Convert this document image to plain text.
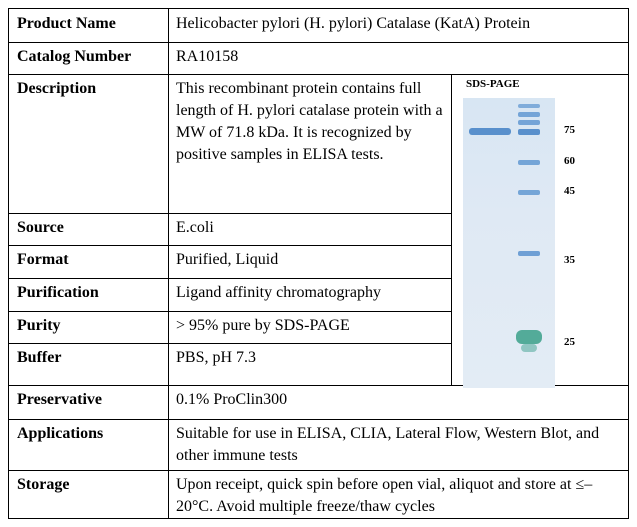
Product Name
Catalog Number
Description
Source
Format
Purification
Purity
Buffer
Preservative
Applications
Storage
Helicobacter pylori (H. pylori) Catalase (KatA) Protein
RA10158
This recombinant protein contains full length of H. pylori catalase protein with a MW of 71.8 kDa. It is recognized by positive samples in ELISA tests.
E.coli
Purified, Liquid
Ligand affinity chromatography
> 95% pure by SDS-PAGE
PBS, pH 7.3
0.1% ProClin300
Suitable for use in ELISA, CLIA, Lateral Flow, Western Blot, and other immune tests
Upon receipt, quick spin before open vial, aliquot and store at ≤–20°C. Avoid multiple freeze/thaw cycles
SDS-PAGE
75
60
45
35
25
